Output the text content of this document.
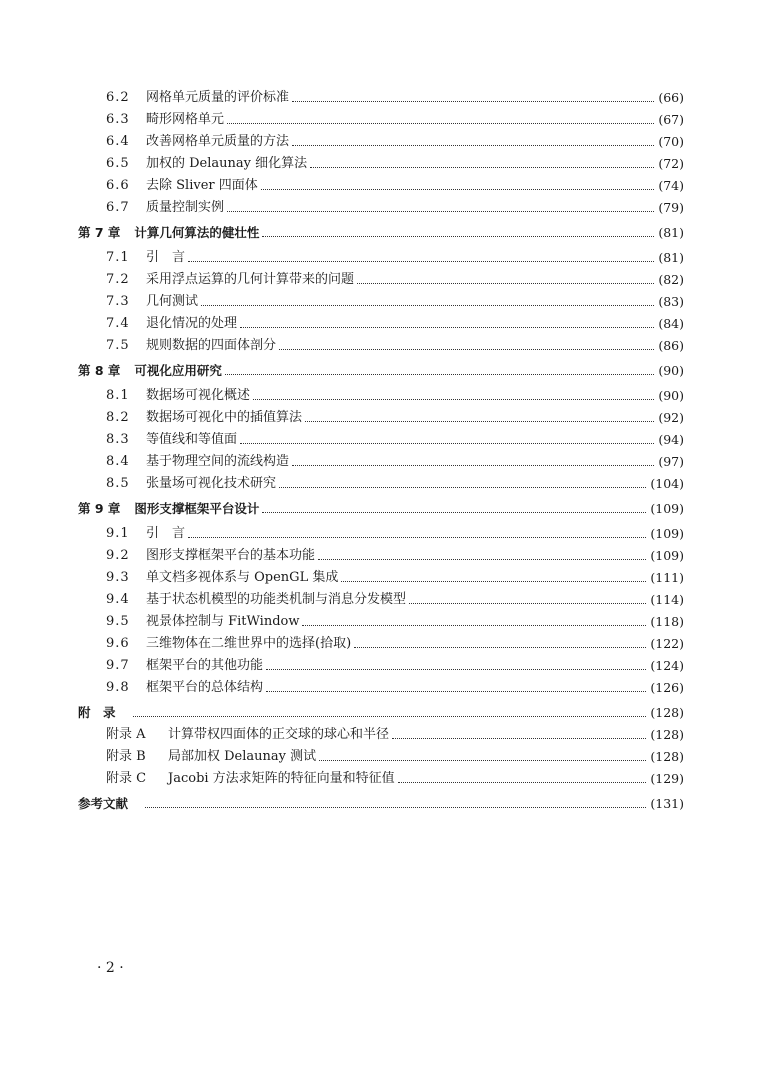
6.2	网格单元质量的评价标准	(66)
6.3	畸形网格单元	(67)
6.4	改善网格单元质量的方法	(70)
6.5	加权的 Delaunay 细化算法	(72)
6.6	去除 Sliver 四面体	(74)
6.7	质量控制实例	(79)
第 7 章 计算几何算法的健壮性	(81)
7.1	引　言	(81)
7.2	采用浮点运算的几何计算带来的问题	(82)
7.3	几何测试	(83)
7.4	退化情况的处理	(84)
7.5	规则数据的四面体剖分	(86)
第 8 章 可视化应用研究	(90)
8.1	数据场可视化概述	(90)
8.2	数据场可视化中的插值算法	(92)
8.3	等值线和等值面	(94)
8.4	基于物理空间的流线构造	(97)
8.5	张量场可视化技术研究	(104)
第 9 章 图形支撑框架平台设计	(109)
9.1	引　言	(109)
9.2	图形支撑框架平台的基本功能	(109)
9.3	单文档多视体系与 OpenGL 集成	(111)
9.4	基于状态机模型的功能类机制与消息分发模型	(114)
9.5	视景体控制与 FitWindow	(118)
9.6	三维物体在二维世界中的选择(拾取)	(122)
9.7	框架平台的其他功能	(124)
9.8	框架平台的总体结构	(126)
附　录	(128)
附录 A	计算带权四面体的正交球的球心和半径	(128)
附录 B	局部加权 Delaunay 测试	(128)
附录 C	Jacobi 方法求矩阵的特征向量和特征值	(129)
参考文献	(131)
· 2 ·
